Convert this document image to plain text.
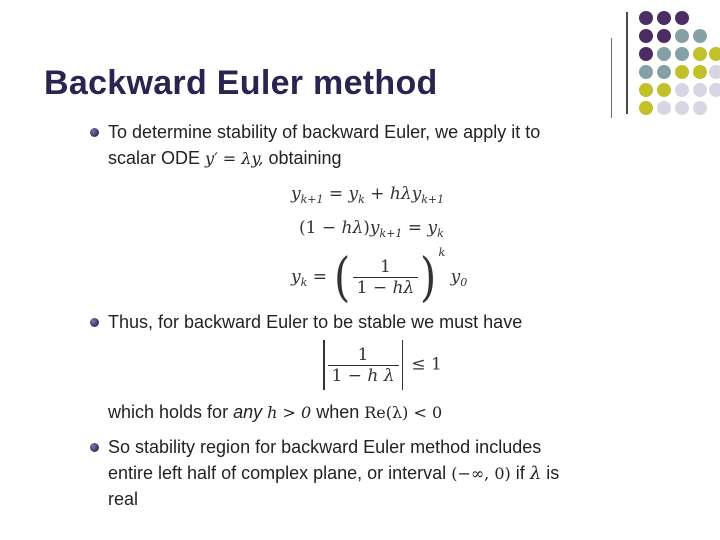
Backward Euler method
To determine stability of backward Euler, we apply it to
scalar ODE y′ = λy, obtaining
$y_{k+1} = y_k + h\lambda y_{k+1}$
$(1 - h\lambda)y_{k+1} = y_k$
$y_k$ = ( $\frac{1}{1 - h\lambda}$ ) $^k$ $y_0$
Thus, for backward Euler to be stable we must have
$\frac{1}{\text{1 − h λ}} \le 1$
which holds for any h > 0 when Re(λ) < 0
So stability region for backward Euler method includes
entire left half of complex plane, or interval (−∞, 0) if λ is
real
